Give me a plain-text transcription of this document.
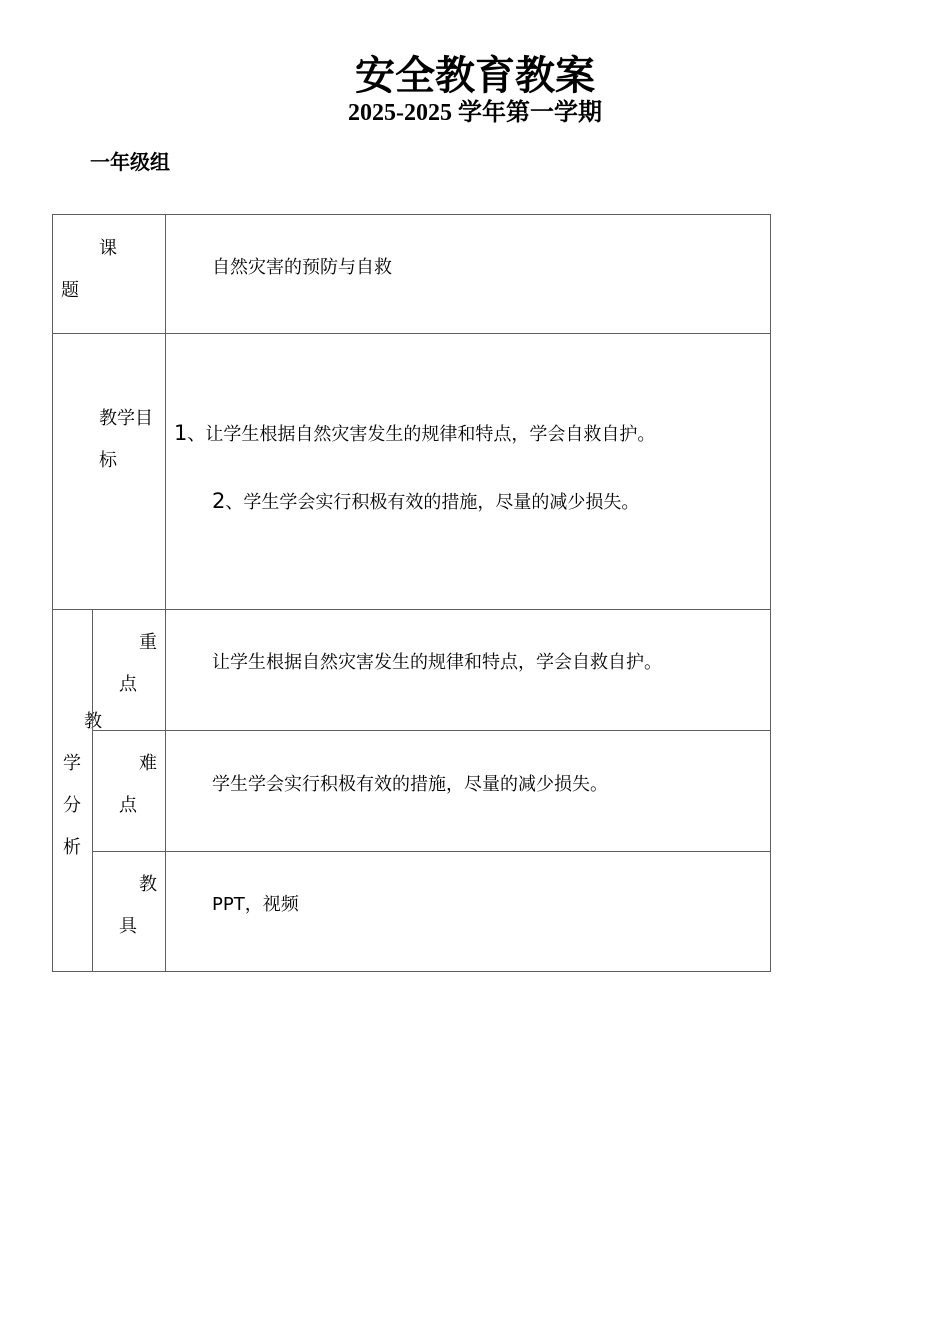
安全教育教案
2025-2025 学年第一学期
一年级组
课
题
自然灾害的预防与自救
教学目
标
1、让学生根据自然灾害发生的规律和特点，学会自救自护。
2、学生学会实行积极有效的措施，尽量的减少损失。
教
学
分
析
重
点
让学生根据自然灾害发生的规律和特点，学会自救自护。
难
点
学生学会实行积极有效的措施，尽量的减少损失。
教
具
PPT，视频
